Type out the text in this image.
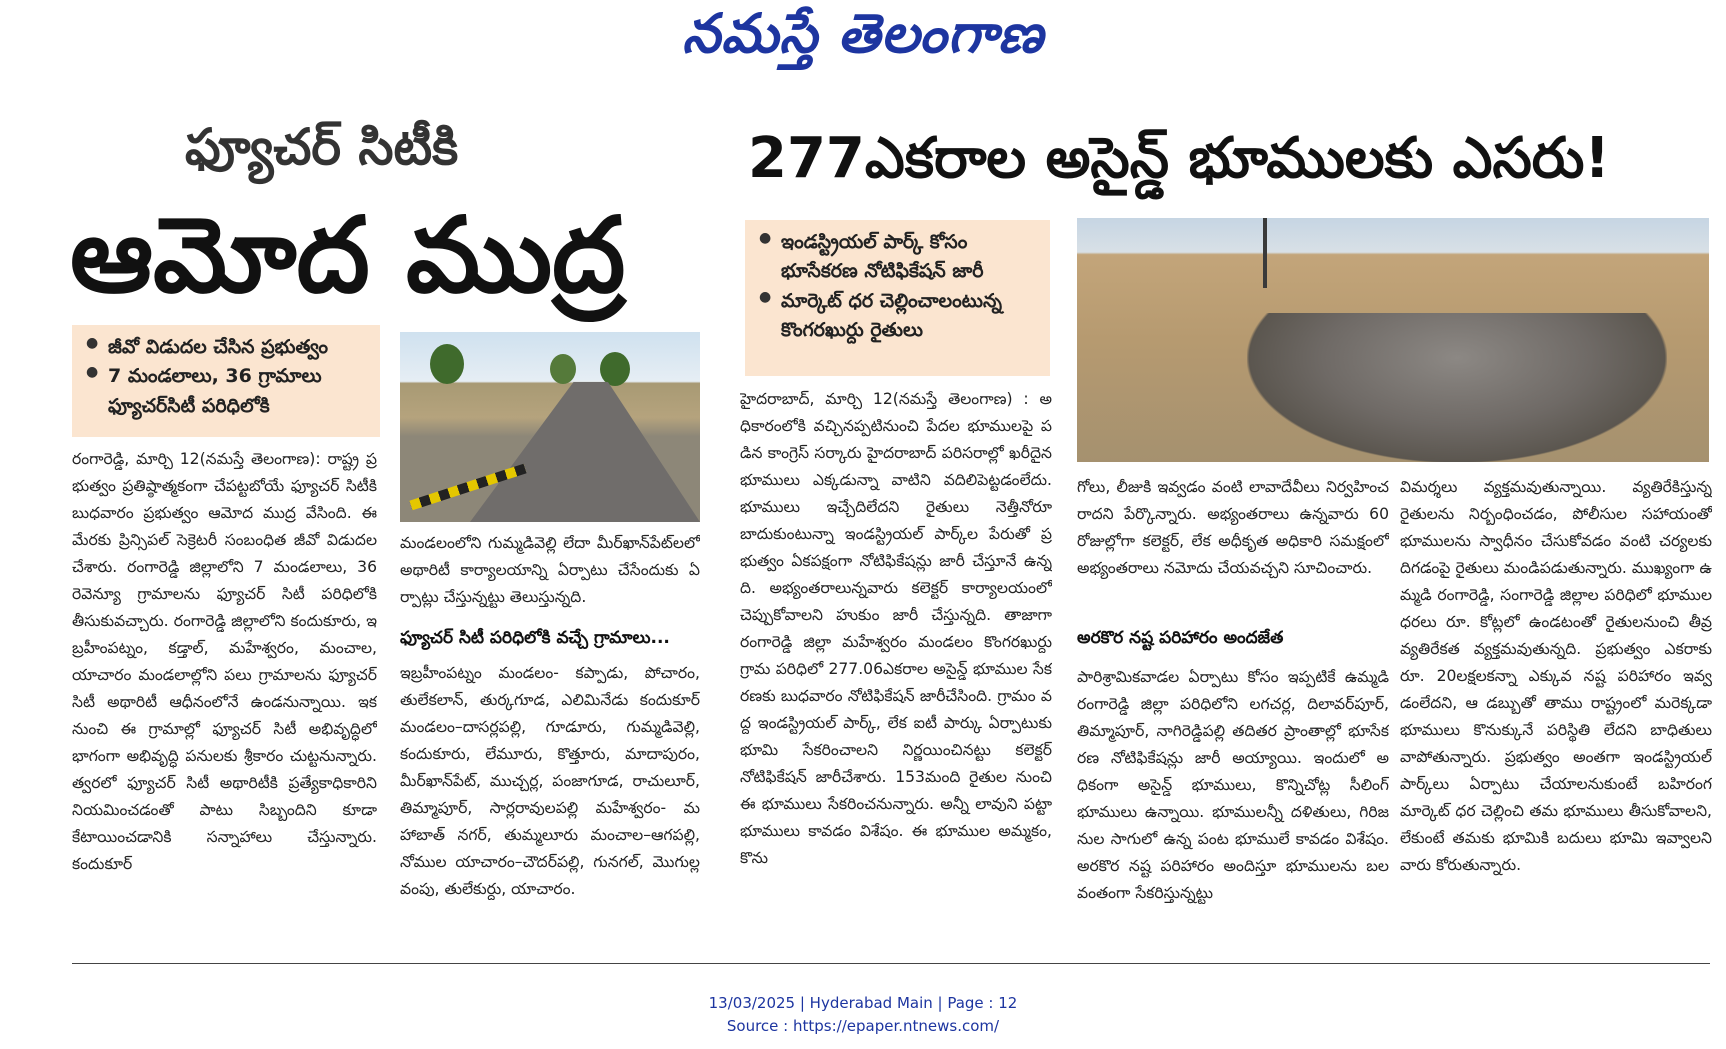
నమస్తే తెలంగాణ
ఫ్యూచర్ సిటీకి
ఆమోద ముద్ర
277ఎకరాల అసైన్డ్ భూములకు ఎసరు!
● జీవో విడుదల చేసిన ప్రభుత్వం
● 7 మండలాలు, 36 గ్రామాలు ఫ్యూచర్‌సిటీ పరిధిలోకి
● ఇండస్ట్రియల్ పార్క్ కోసం భూసేకరణ నోటిఫికేషన్ జారీ
● మార్కెట్ ధర చెల్లించాలంటున్న కొంగరఖుర్దు రైతులు

రంగారెడ్డి, మార్చి 12(నమస్తే తెలంగాణ): రాష్ట్ర ప్రభుత్వం ప్రతిష్ఠాత్మకంగా చేపట్టబోయే ఫ్యూచర్ సిటీకి బుధవారం ప్రభుత్వం ఆమోద ముద్ర వేసింది. ఈ మేరకు ప్రిన్సిపల్ సెక్రెటరీ సంబంధిత జీవో విడుదల చేశారు. రంగారెడ్డి జిల్లాలోని 7 మండలాలు, 36 రెవెన్యూ గ్రామాలను ఫ్యూచర్ సిటీ పరిధిలోకి తీసుకువచ్చారు. రంగారెడ్డి జిల్లాలోని కందుకూరు, ఇబ్రహీంపట్నం, కడ్తాల్, మహేశ్వరం, మంచాల, యాచారం మండలాల్లోని పలు గ్రామాలను ఫ్యూచర్ సిటీ అథారిటీ ఆధీనంలోనే ఉండనున్నాయి. ఇక నుంచి ఈ గ్రామాల్లో ఫ్యూచర్ సిటీ అభివృద్ధిలో భాగంగా అభివృద్ధి పనులకు శ్రీకారం చుట్టనున్నారు. త్వరలో ఫ్యూచర్ సిటీ అథారిటీకి ప్రత్యేకాధికారిని నియమించడంతో పాటు సిబ్బందిని కూడా కేటాయించడానికి సన్నాహాలు చేస్తున్నారు. కందుకూర్

మండలంలోని గుమ్మడివెల్లి లేదా మీర్‌ఖాన్‌పేట్‌లలో అథారిటీ కార్యాలయాన్ని ఏర్పాటు చేసేందుకు ఏర్పాట్లు చేస్తున్నట్టు తెలుస్తున్నది.

ఫ్యూచర్ సిటీ పరిధిలోకి వచ్చే గ్రామాలు...

ఇబ్రహీంపట్నం మండలం- కప్పాడు, పోచారం, తులేకలాన్, తుర్కగూడ, ఎలిమినేడు కందుకూర్ మండలం–దాసర్లపల్లి, గూడూరు, గుమ్మడివెల్లి, కందుకూరు, లేమూరు, కొత్తూరు, మాదాపురం, మీర్‌ఖాన్‌పేట్, ముచ్చర్ల, పంజాగూడ, రాచులూర్, తిమ్మాపూర్, సార్లరావులపల్లి మహేశ్వరం- మహాబాత్ నగర్, తుమ్మలూరు మంచాల–ఆగపల్లి, నోముల యాచారం–చౌదర్‌పల్లి, గునగల్, మొగుల్లవంపు, తులేకుర్దు, యాచారం.

హైదరాబాద్, మార్చి 12(నమస్తే తెలంగాణ) : అధికారంలోకి వచ్చినప్పటినుంచి పేదల భూములపై పడిన కాంగ్రెస్ సర్కారు హైదరాబాద్ పరిసరాల్లో ఖరీదైన భూములు ఎక్కడున్నా వాటిని వదిలిపెట్టడంలేదు. భూములు ఇచ్చేదిలేదని రైతులు నెత్తీనోరూ బాదుకుంటున్నా ఇండస్ట్రియల్ పార్క్‌ల పేరుతో ప్రభుత్వం ఏకపక్షంగా నోటిఫికేషన్లు జారీ చేస్తూనే ఉన్నది. అభ్యంతరాలున్నవారు కలెక్టర్ కార్యాలయంలో చెప్పుకోవాలని హుకుం జారీ చేస్తున్నది. తాజాగా రంగారెడ్డి జిల్లా మహేశ్వరం మండలం కొంగరఖుర్దు గ్రామ పరిధిలో 277.06ఎకరాల అసైన్డ్ భూముల సేకరణకు బుధవారం నోటిఫికేషన్ జారీచేసింది. గ్రామం వద్ద ఇండస్ట్రియల్ పార్క్, లేక ఐటీ పార్కు ఏర్పాటుకు భూమి సేకరించాలని నిర్ణయించినట్టు కలెక్టర్ నోటిఫికేషన్ జారీచేశారు. 153మంది రైతుల నుంచి ఈ భూములు సేకరించనున్నారు. అన్నీ లావుని పట్టా భూములు కావడం విశేషం. ఈ భూముల అమ్మకం, కొను

గోలు, లీజుకి ఇవ్వడం వంటి లావాదేవీలు నిర్వహించరాదని పేర్కొన్నారు. అభ్యంతరాలు ఉన్నవారు 60రోజుల్లోగా కలెక్టర్, లేక అధీకృత అధికారి సమక్షంలో అభ్యంతరాలు నమోదు చేయవచ్చని సూచించారు.

అరకొర నష్ట పరిహారం అందజేత

పారిశ్రామికవాడల ఏర్పాటు కోసం ఇప్పటికే ఉమ్మడి రంగారెడ్డి జిల్లా పరిధిలోని లగచర్ల, దిలావర్‌పూర్, తిమ్మాపూర్, నాగిరెడ్డిపల్లి తదితర ప్రాంతాల్లో భూసేకరణ నోటిఫికేషన్లు జారీ అయ్యాయి. ఇందులో అధికంగా అసైన్డ్ భూములు, కొన్నిచోట్ల సీలింగ్ భూములు ఉన్నాయి. భూములన్నీ దళితులు, గిరిజనుల సాగులో ఉన్న పంట భూములే కావడం విశేషం. అరకొర నష్ట పరిహారం అందిస్తూ భూములను బలవంతంగా సేకరిస్తున్నట్టు

విమర్శలు వ్యక్తమవుతున్నాయి. వ్యతిరేకిస్తున్న రైతులను నిర్బంధించడం, పోలీసుల సహాయంతో భూములను స్వాధీనం చేసుకోవడం వంటి చర్యలకు దిగడంపై రైతులు మండిపడుతున్నారు. ముఖ్యంగా ఉమ్మడి రంగారెడ్డి, సంగారెడ్డి జిల్లాల పరిధిలో భూముల ధరలు రూ. కోట్లలో ఉండటంతో రైతులనుంచి తీవ్ర వ్యతిరేకత వ్యక్తమవుతున్నది. ప్రభుత్వం ఎకరాకు రూ. 20లక్షలకన్నా ఎక్కువ నష్ట పరిహారం ఇవ్వడంలేదని, ఆ డబ్బుతో తాము రాష్ట్రంలో మరెక్కడా భూములు కొనుక్కునే పరిస్థితి లేదని బాధితులు వాపోతున్నారు. ప్రభుత్వం అంతగా ఇండస్ట్రియల్ పార్క్‌లు ఏర్పాటు చేయాలనుకుంటే బహిరంగ మార్కెట్ ధర చెల్లించి తమ భూములు తీసుకోవాలని, లేకుంటే తమకు భూమికి బదులు భూమి ఇవ్వాలని వారు కోరుతున్నారు.

13/03/2025 | Hyderabad Main | Page : 12
Source : https://epaper.ntnews.com/
